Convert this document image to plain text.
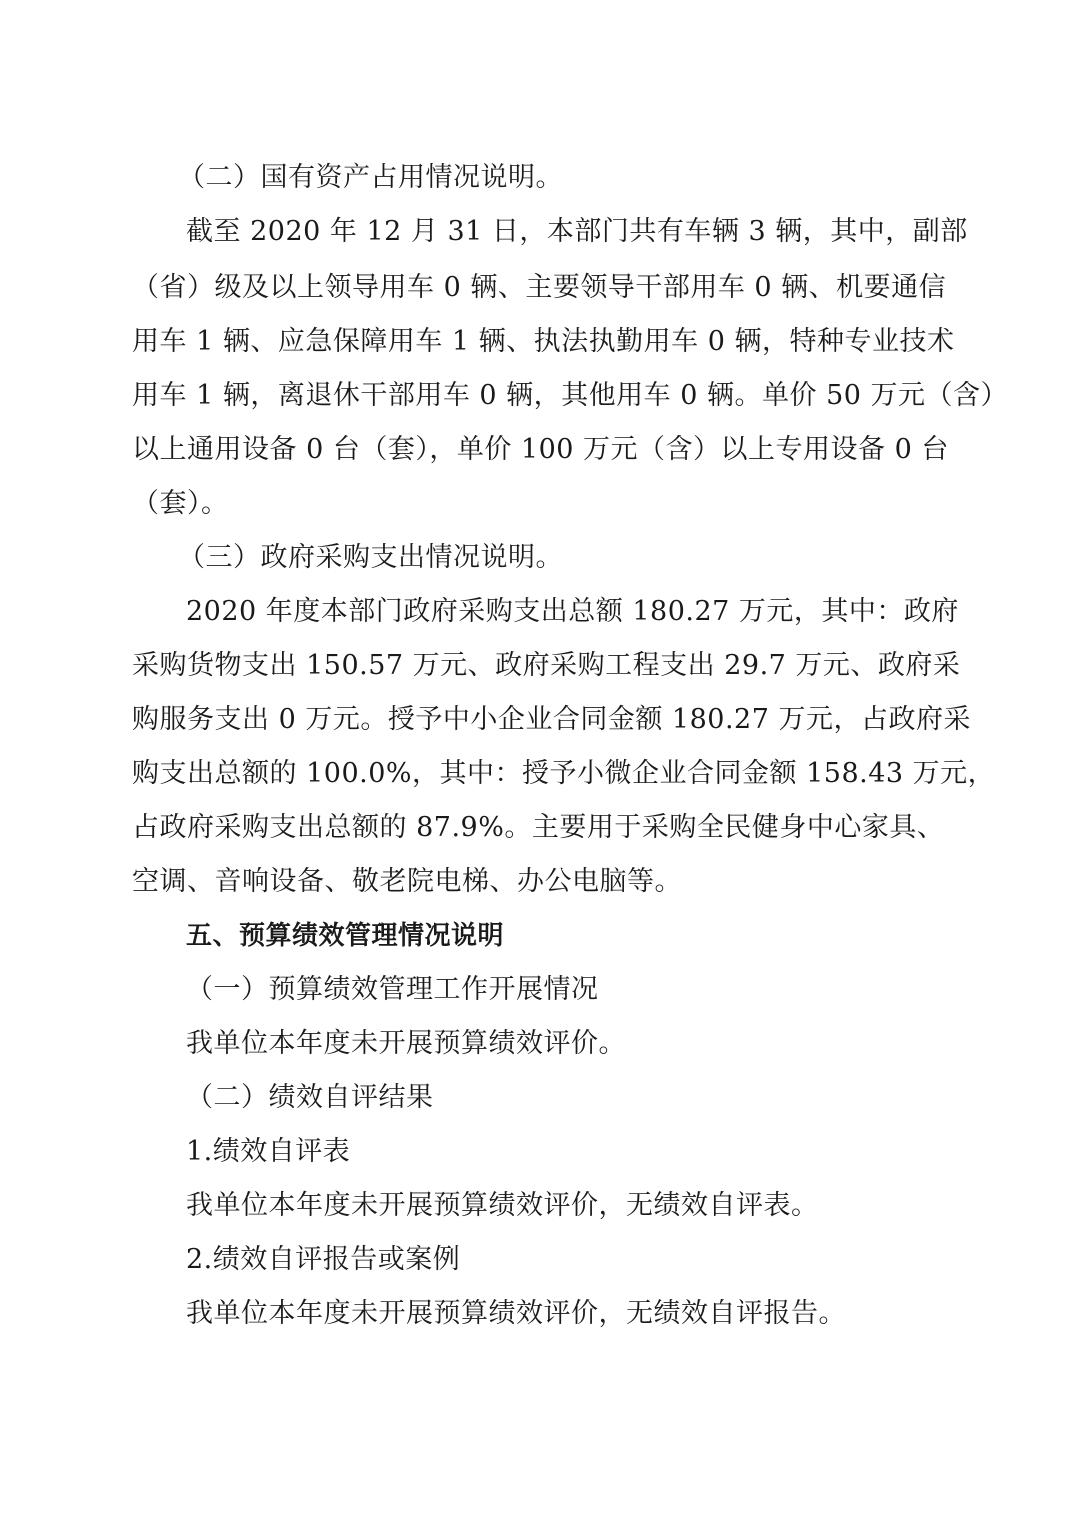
（二）国有资产占用情况说明。
截至 2020 年 12 月 31 日，本部门共有车辆 3 辆，其中，副部
（省）级及以上领导用车 0 辆、主要领导干部用车 0 辆、机要通信
用车 1 辆、应急保障用车 1 辆、执法执勤用车 0 辆，特种专业技术
用车 1 辆，离退休干部用车 0 辆，其他用车 0 辆。单价 50 万元（含）
以上通用设备 0 台（套），单价 100 万元（含）以上专用设备 0 台
（套）。
（三）政府采购支出情况说明。
2020 年度本部门政府采购支出总额 180.27 万元，其中：政府
采购货物支出 150.57 万元、政府采购工程支出 29.7 万元、政府采
购服务支出 0 万元。授予中小企业合同金额 180.27 万元，占政府采
购支出总额的 100.0%，其中：授予小微企业合同金额 158.43 万元，
占政府采购支出总额的 87.9%。主要用于采购全民健身中心家具、
空调、音响设备、敬老院电梯、办公电脑等。
五、预算绩效管理情况说明
（一）预算绩效管理工作开展情况
我单位本年度未开展预算绩效评价。
（二）绩效自评结果
1.绩效自评表
我单位本年度未开展预算绩效评价，无绩效自评表。
2.绩效自评报告或案例
我单位本年度未开展预算绩效评价，无绩效自评报告。
